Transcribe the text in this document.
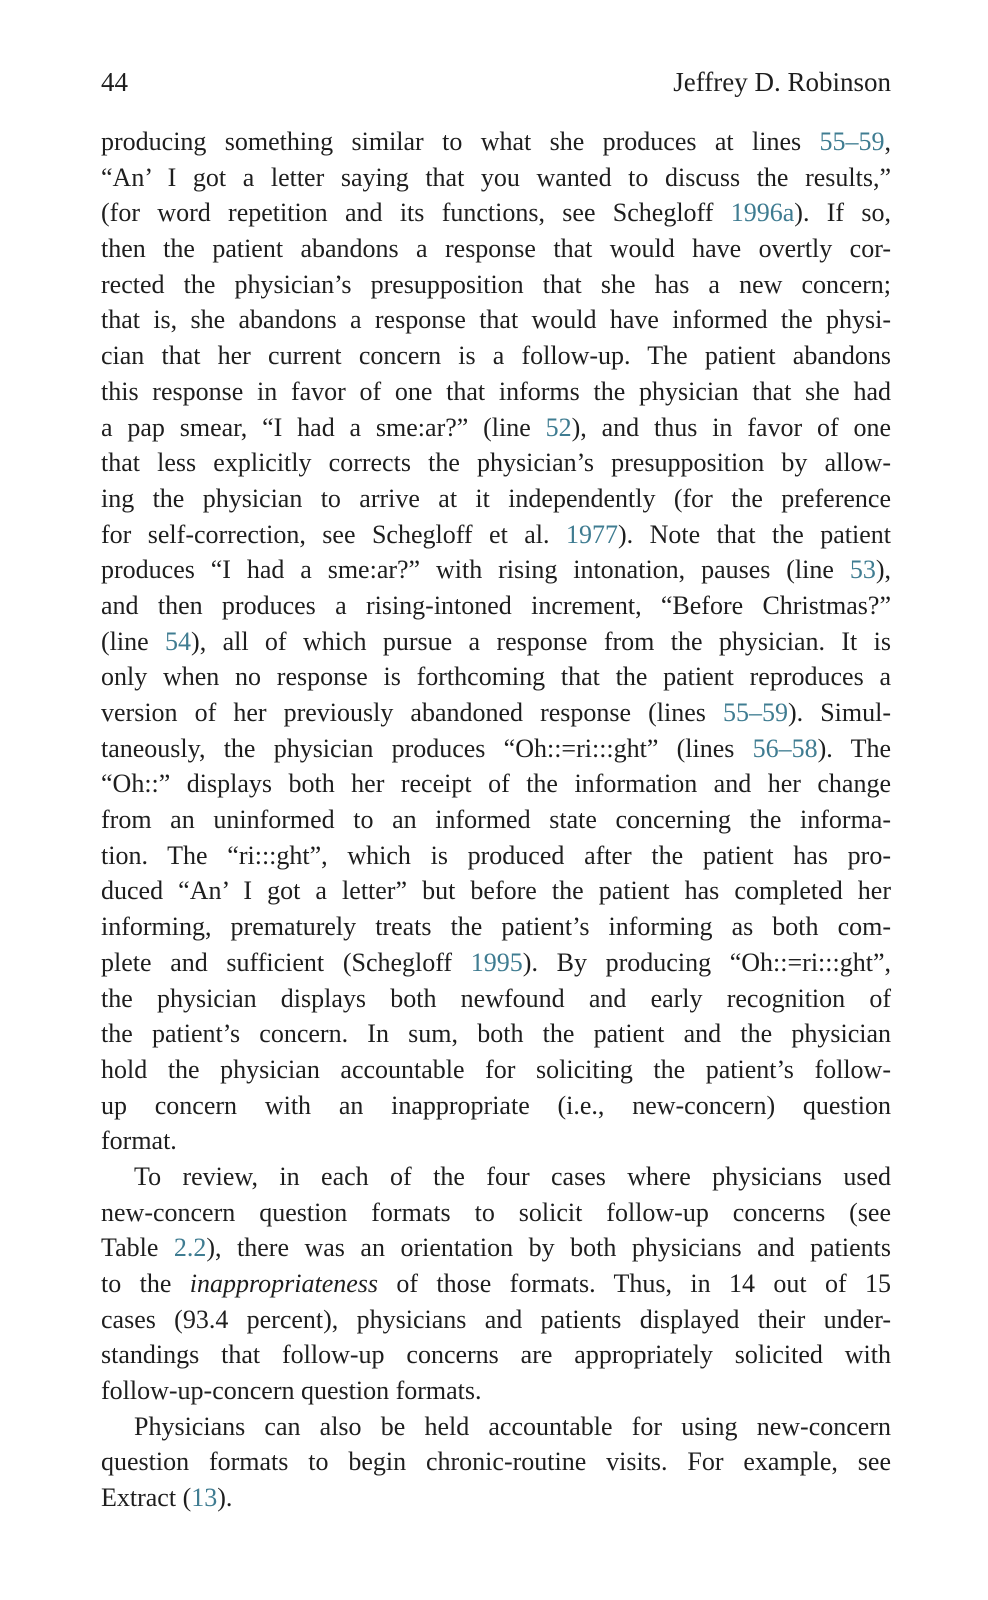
44	Jeffrey D. Robinson
producing something similar to what she produces at lines 55–59,
“An’ I got a letter saying that you wanted to discuss the results,”
(for word repetition and its functions, see Schegloff 1996a). If so,
then the patient abandons a response that would have overtly cor-
rected the physician’s presupposition that she has a new concern;
that is, she abandons a response that would have informed the physi-
cian that her current concern is a follow-up. The patient abandons
this response in favor of one that informs the physician that she had
a pap smear, “I had a sme:ar?” (line 52), and thus in favor of one
that less explicitly corrects the physician’s presupposition by allow-
ing the physician to arrive at it independently (for the preference
for self-correction, see Schegloff et al. 1977). Note that the patient
produces “I had a sme:ar?” with rising intonation, pauses (line 53),
and then produces a rising-intoned increment, “Before Christmas?”
(line 54), all of which pursue a response from the physician. It is
only when no response is forthcoming that the patient reproduces a
version of her previously abandoned response (lines 55–59). Simul-
taneously, the physician produces “Oh::=ri:::ght” (lines 56–58). The
“Oh::” displays both her receipt of the information and her change
from an uninformed to an informed state concerning the informa-
tion. The “ri:::ght”, which is produced after the patient has pro-
duced “An’ I got a letter” but before the patient has completed her
informing, prematurely treats the patient’s informing as both com-
plete and sufficient (Schegloff 1995). By producing “Oh::=ri:::ght”,
the physician displays both newfound and early recognition of
the patient’s concern. In sum, both the patient and the physician
hold the physician accountable for soliciting the patient’s follow-
up concern with an inappropriate (i.e., new-concern) question
format.
To review, in each of the four cases where physicians used
new-concern question formats to solicit follow-up concerns (see
Table 2.2), there was an orientation by both physicians and patients
to the inappropriateness of those formats. Thus, in 14 out of 15
cases (93.4 percent), physicians and patients displayed their under-
standings that follow-up concerns are appropriately solicited with
follow-up-concern question formats.
Physicians can also be held accountable for using new-concern
question formats to begin chronic-routine visits. For example, see
Extract (13).
